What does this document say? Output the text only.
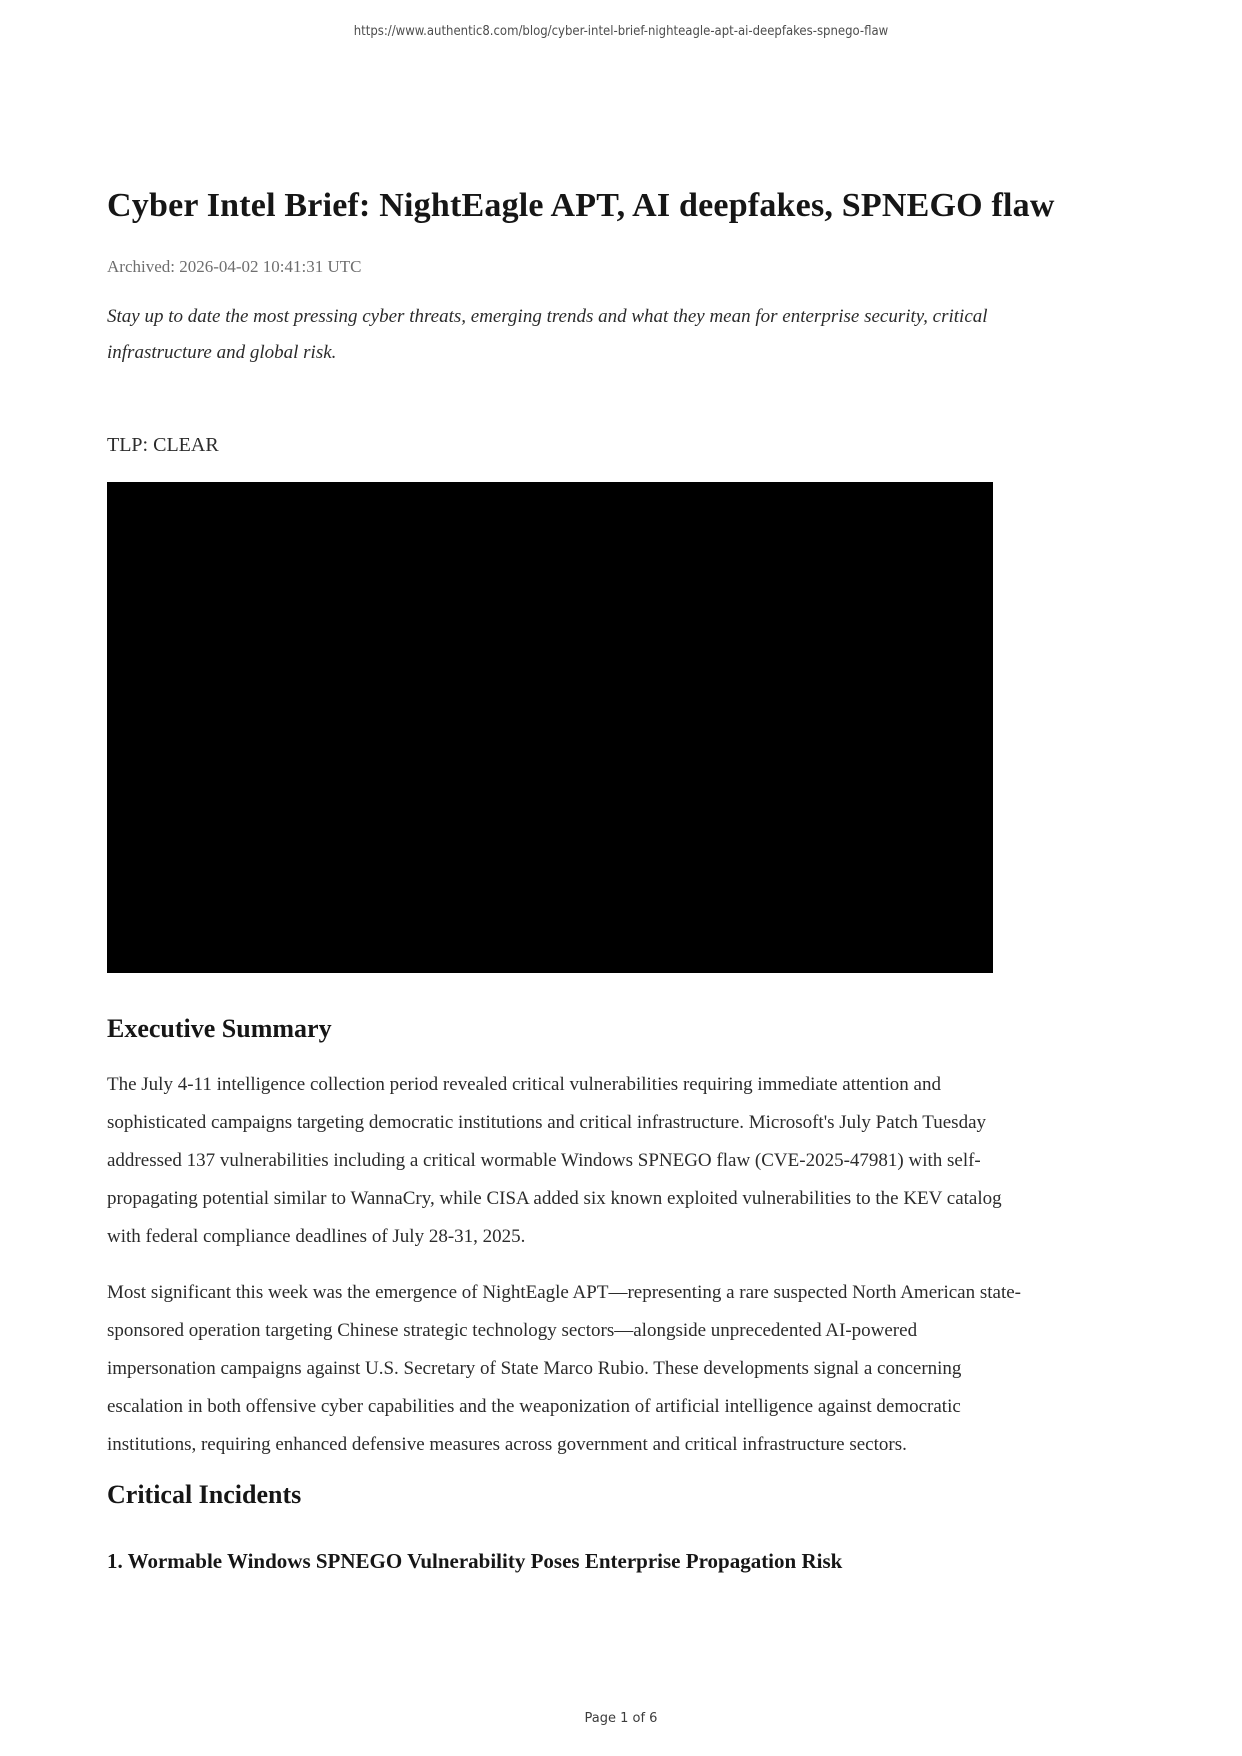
https://www.authentic8.com/blog/cyber-intel-brief-nighteagle-apt-ai-deepfakes-spnego-flaw
Cyber Intel Brief: NightEagle APT, AI deepfakes, SPNEGO flaw

Archived: 2026-04-02 10:41:31 UTC

Stay up to date the most pressing cyber threats, emerging trends and what they mean for enterprise security, critical infrastructure and global risk.

TLP: CLEAR

Executive Summary

The July 4-11 intelligence collection period revealed critical vulnerabilities requiring immediate attention and sophisticated campaigns targeting democratic institutions and critical infrastructure. Microsoft's July Patch Tuesday addressed 137 vulnerabilities including a critical wormable Windows SPNEGO flaw (CVE-2025-47981) with self-propagating potential similar to WannaCry, while CISA added six known exploited vulnerabilities to the KEV catalog with federal compliance deadlines of July 28-31, 2025.

Most significant this week was the emergence of NightEagle APT—representing a rare suspected North American state-sponsored operation targeting Chinese strategic technology sectors—alongside unprecedented AI-powered impersonation campaigns against U.S. Secretary of State Marco Rubio. These developments signal a concerning escalation in both offensive cyber capabilities and the weaponization of artificial intelligence against democratic institutions, requiring enhanced defensive measures across government and critical infrastructure sectors.

Critical Incidents
1. Wormable Windows SPNEGO Vulnerability Poses Enterprise Propagation Risk
Page 1 of 6
